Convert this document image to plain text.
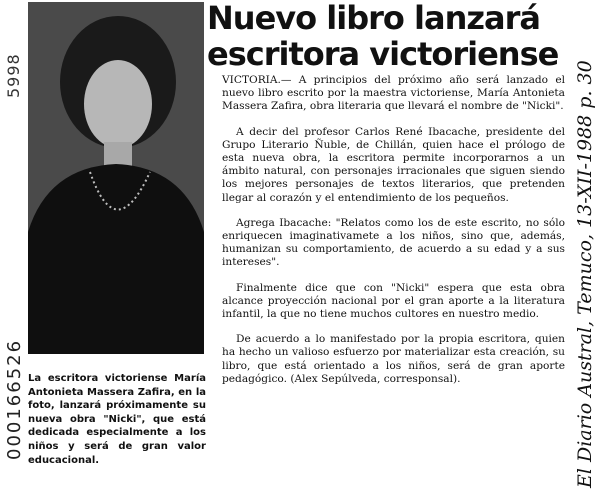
5998
000166526 La escritora victoriense María Antonieta Massera Zafira, en la foto, lanzará próximamente su nueva obra "Nicki", que está dedicada especialmente a los niños y será de gran valor educacional.
Nuevo libro lanzará
escritora victoriense

VICTORIA.— A principios del próximo año será lanzado el nuevo libro escrito por la maestra victoriense, María Antonieta Massera Zafira, obra literaria que llevará el nombre de "Nicki".

A decir del profesor Carlos René Ibacache, presidente del Grupo Literario Ñuble, de Chillán, quien hace el prólogo de esta nueva obra, la escritora permite incorporarnos a un ámbito natural, con personajes irracionales que siguen siendo los mejores personajes de textos literarios, que pretenden llegar al corazón y el entendimiento de los pequeños.

Agrega Ibacache: "Relatos como los de este escrito, no sólo enriquecen imaginativamete a los niños, sino que, además, humanizan su comportamiento, de acuerdo a su edad y a sus intereses".

Finalmente dice que con "Nicki" espera que esta obra alcance proyección nacional por el gran aporte a la literatura infantil, la que no tiene muchos cultores en nuestro medio.

De acuerdo a lo manifestado por la propia escritora, quien ha hecho un valioso esfuerzo por materializar esta creación, su libro, que está orientado a los niños, será de gran aporte pedagógico. (Alex Sepúlveda, corresponsal).	El Diario Austral, Temuco, 13-XII-1988 p. 30
